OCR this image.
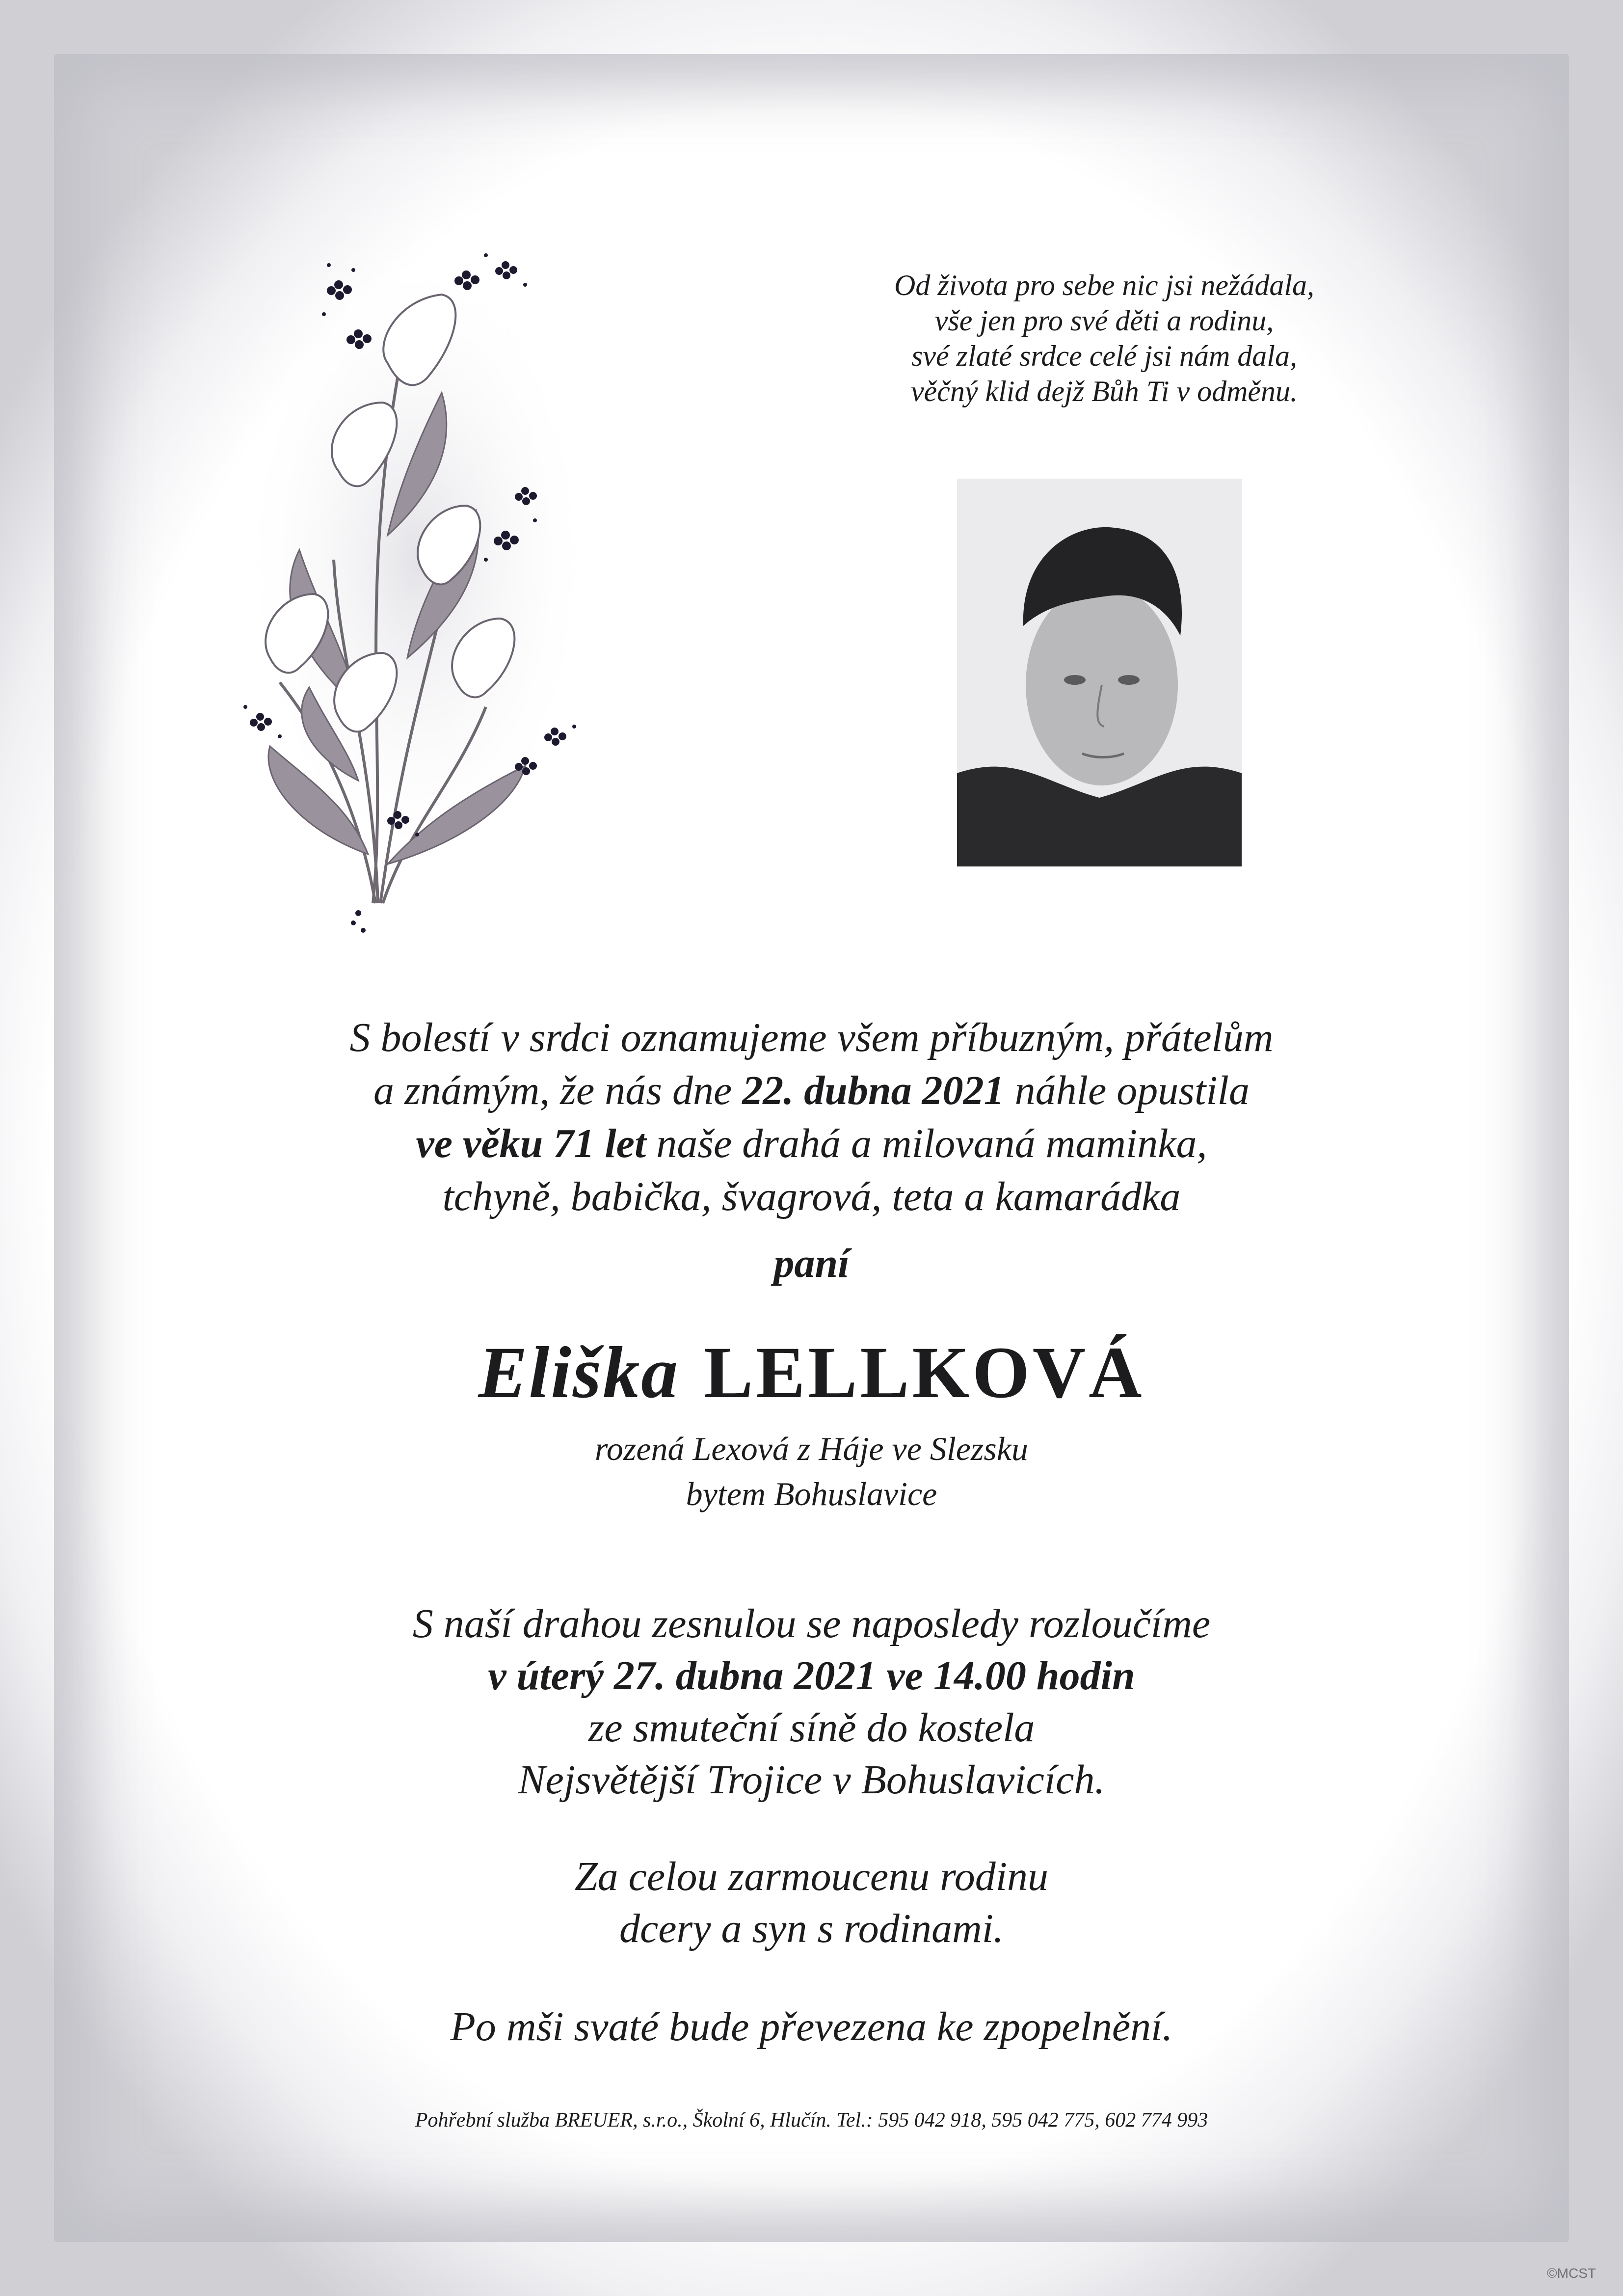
Od života pro sebe nic jsi nežádala,
vše jen pro své děti a rodinu,
své zlaté srdce celé jsi nám dala,
věčný klid dejž Bůh Ti v odměnu.
S bolestí v srdci oznamujeme všem příbuzným, přátelům
a známým, že nás dne 22. dubna 2021 náhle opustila
ve věku 71 let naše drahá a milovaná maminka,
tchyně, babička, švagrová, teta a kamarádka
paní
Eliška LELLKOVÁ
rozená Lexová z Háje ve Slezsku
bytem Bohuslavice
S naší drahou zesnulou se naposledy rozloučíme
v úterý 27. dubna 2021 ve 14.00 hodin
ze smuteční síně do kostela
Nejsvětější Trojice v Bohuslavicích.
Za celou zarmoucenu rodinu
dcery a syn s rodinami.
Po mši svaté bude převezena ke zpopelnění.
Pohřební služba BREUER, s.r.o., Školní 6, Hlučín. Tel.: 595 042 918, 595 042 775, 602 774 993
©MCST
